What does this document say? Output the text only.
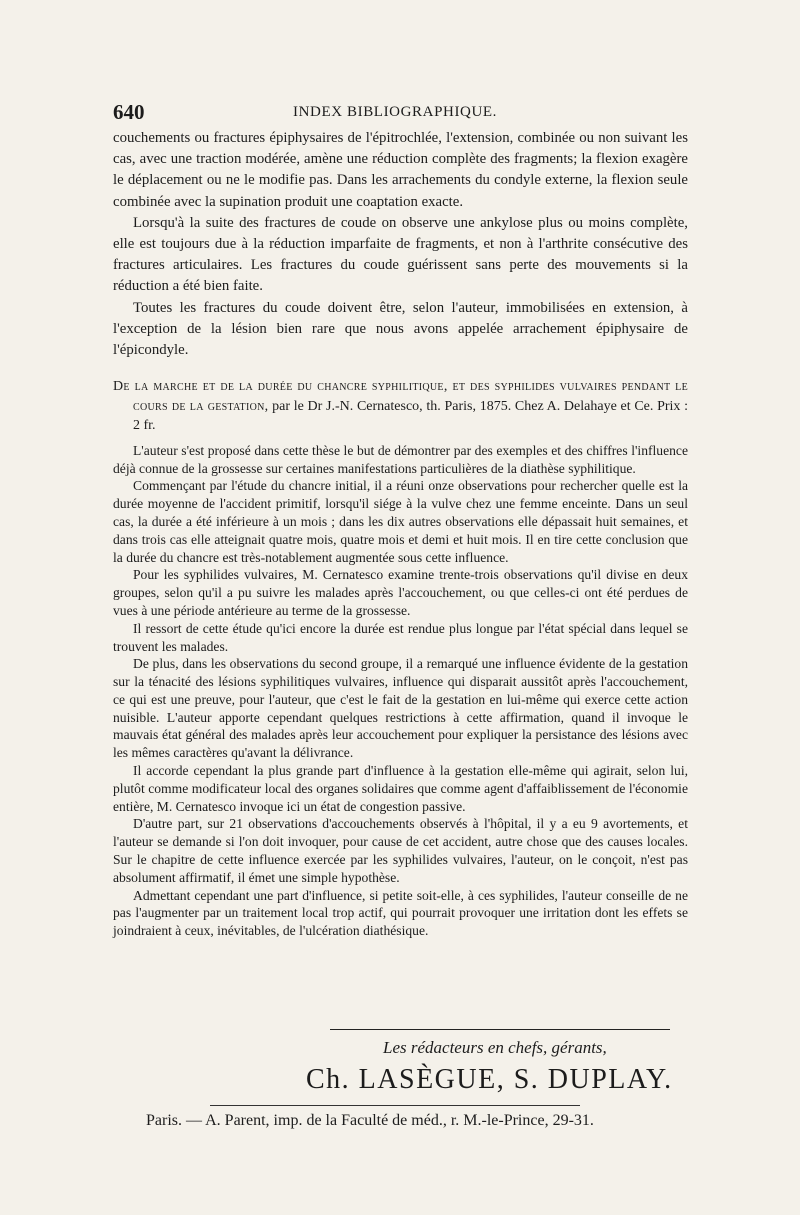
640	INDEX BIBLIOGRAPHIQUE.

couchements ou fractures épiphysaires de l'épitrochlée, l'extension, combinée ou non suivant les cas, avec une traction modérée, amène une réduction complète des fragments; la flexion exagère le déplacement ou ne le modifie pas. Dans les arrachements du condyle externe, la flexion seule combinée avec la supination produit une coaptation exacte.

Lorsqu'à la suite des fractures de coude on observe une ankylose plus ou moins complète, elle est toujours due à la réduction imparfaite de fragments, et non à l'arthrite consécutive des fractures articulaires. Les fractures du coude guérissent sans perte des mouvements si la réduction a été bien faite.

Toutes les fractures du coude doivent être, selon l'auteur, immobilisées en extension, à l'exception de la lésion bien rare que nous avons appelée arrachement épiphysaire de l'épicondyle.

De la marche et de la durée du chancre syphilitique, et des syphilides vulvaires pendant le cours de la gestation, par le Dr J.-N. Cernatesco, th. Paris, 1875. Chez A. Delahaye et Ce. Prix : 2 fr.

L'auteur s'est proposé dans cette thèse le but de démontrer par des exemples et des chiffres l'influence déjà connue de la grossesse sur certaines manifestations particulières de la diathèse syphilitique.

Commençant par l'étude du chancre initial, il a réuni onze observations pour rechercher quelle est la durée moyenne de l'accident primitif, lorsqu'il siége à la vulve chez une femme enceinte. Dans un seul cas, la durée a été inférieure à un mois ; dans les dix autres observations elle dépassait huit semaines, et dans trois cas elle atteignait quatre mois, quatre mois et demi et huit mois. Il en tire cette conclusion que la durée du chancre est très-notablement augmentée sous cette influence.

Pour les syphilides vulvaires, M. Cernatesco examine trente-trois observations qu'il divise en deux groupes, selon qu'il a pu suivre les malades après l'accouchement, ou que celles-ci ont été perdues de vues à une période antérieure au terme de la grossesse.

Il ressort de cette étude qu'ici encore la durée est rendue plus longue par l'état spécial dans lequel se trouvent les malades.

De plus, dans les observations du second groupe, il a remarqué une influence évidente de la gestation sur la ténacité des lésions syphilitiques vulvaires, influence qui disparait aussitôt après l'accouchement, ce qui est une preuve, pour l'auteur, que c'est le fait de la gestation en lui-même qui exerce cette action nuisible. L'auteur apporte cependant quelques restrictions à cette affirmation, quand il invoque le mauvais état général des malades après leur accouchement pour expliquer la persistance des lésions avec les mêmes caractères qu'avant la délivrance.

Il accorde cependant la plus grande part d'influence à la gestation elle-même qui agirait, selon lui, plutôt comme modificateur local des organes solidaires que comme agent d'affaiblissement de l'économie entière, M. Cernatesco invoque ici un état de congestion passive.

D'autre part, sur 21 observations d'accouchements observés à l'hôpital, il y a eu 9 avortements, et l'auteur se demande si l'on doit invoquer, pour cause de cet accident, autre chose que des causes locales. Sur le chapitre de cette influence exercée par les syphilides vulvaires, l'auteur, on le conçoit, n'est pas absolument affirmatif, il émet une simple hypothèse.

Admettant cependant une part d'influence, si petite soit-elle, à ces syphilides, l'auteur conseille de ne pas l'augmenter par un traitement local trop actif, qui pourrait provoquer une irritation dont les effets se joindraient à ceux, inévitables, de l'ulcération diathésique.

Les rédacteurs en chefs, gérants,
Ch. LASÈGUE, S. DUPLAY.
Paris. — A. Parent, imp. de la Faculté de méd., r. M.-le-Prince, 29-31.
